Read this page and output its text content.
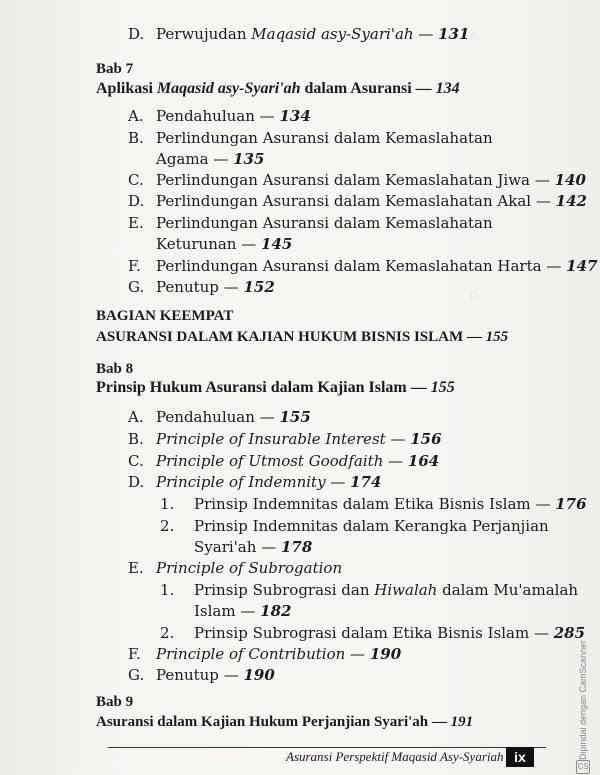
A.
D.
.
D. Perwujudan Maqasid asy-Syari'ah — 131
Bab 7
Aplikasi Maqasid asy-Syari'ah dalam Asuransi — 134
A. Pendahuluan — 134
B. Perlindungan Asuransi dalam Kemaslahatan
Agama — 135
C. Perlindungan Asuransi dalam Kemaslahatan Jiwa — 140
D. Perlindungan Asuransi dalam Kemaslahatan Akal — 142
E. Perlindungan Asuransi dalam Kemaslahatan
Keturunan — 145
F. Perlindungan Asuransi dalam Kemaslahatan Harta — 147
G. Penutup — 152
BAGIAN KEEMPAT
ASURANSI DALAM KAJIAN HUKUM BISNIS ISLAM — 155
Bab 8
Prinsip Hukum Asuransi dalam Kajian Islam — 155
A. Pendahuluan — 155
B. Principle of Insurable Interest — 156
C. Principle of Utmost Goodfaith — 164
D. Principle of Indemnity — 174
1. Prinsip Indemnitas dalam Etika Bisnis Islam — 176
2. Prinsip Indemnitas dalam Kerangka Perjanjian
Syari'ah — 178
E. Principle of Subrogation
1. Prinsip Subrograsi dan Hiwalah dalam Mu'amalah
Islam — 182
2. Prinsip Subrograsi dalam Etika Bisnis Islam — 285
F. Principle of Contribution — 190
G. Penutup — 190
Bab 9
Asuransi dalam Kajian Hukum Perjanjian Syari'ah — 191
Asuransi Perspektif Maqasid Asy-Syariah ix	Dipindai dengan CamScanner
CS
